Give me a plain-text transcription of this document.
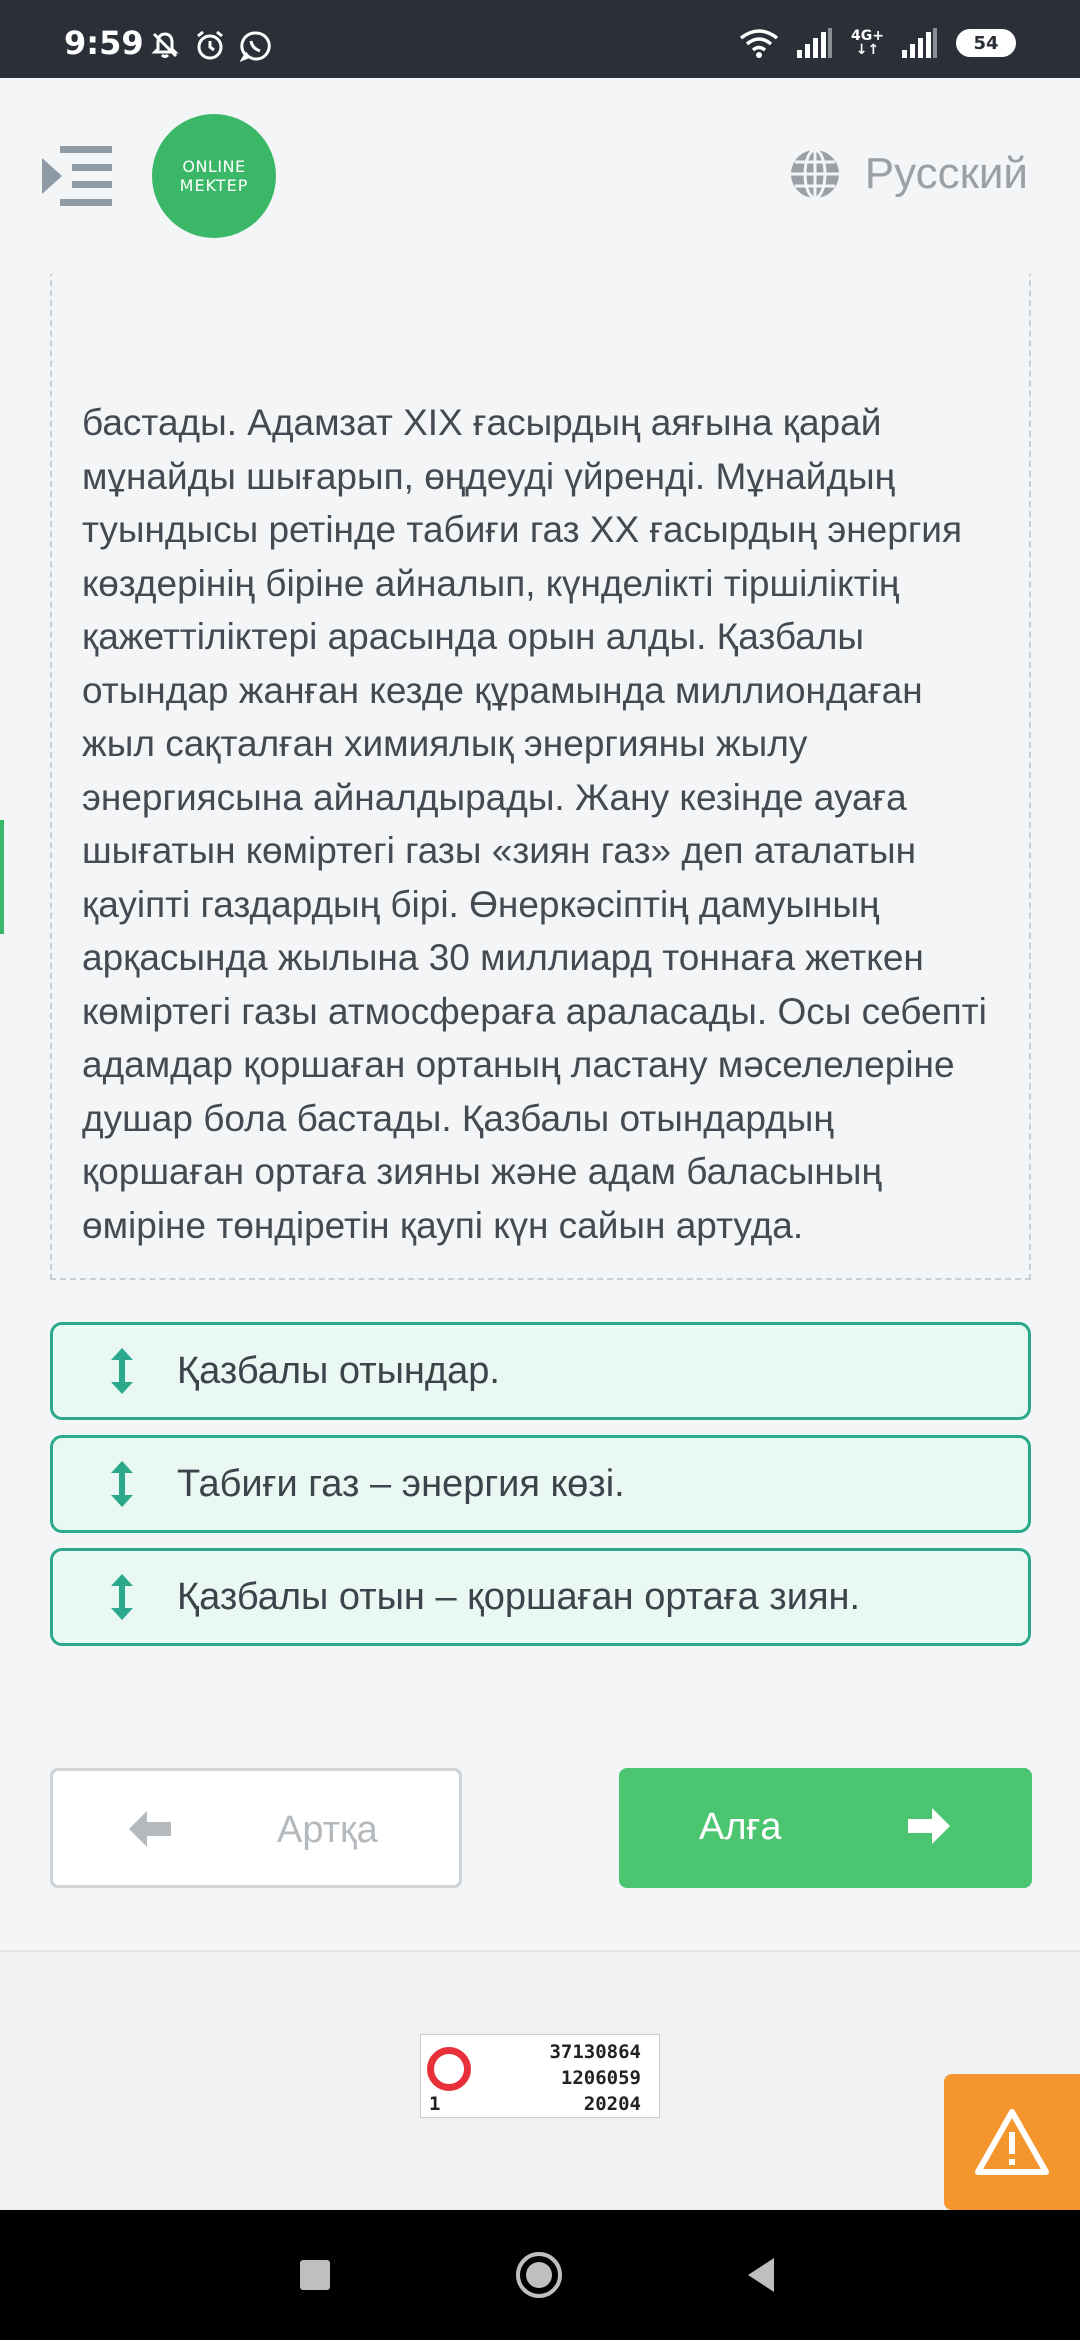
9:59	4G+
↓↑	54
ONLINE
MEKTEP	Русский

бастады. Адамзат XIX ғасырдың аяғына қарай мұнайды шығарып, өңдеуді үйренді. Мұнайдың туындысы ретінде табиғи газ XX ғасырдың энергия көздерінің біріне айналып, күнделікті тіршіліктің қажеттіліктері арасында орын алды. Қазбалы отындар жанған кезде құрамында миллиондаған жыл сақталған химиялық энергияны жылу энергиясына айналдырады. Жану кезінде ауаға шығатын көміртегі газы «зиян газ» деп аталатын қауіпті газдардың бірі. Өнеркәсіптің дамуының арқасында жылына 30 миллиард тоннаға жеткен көміртегі газы атмосфераға араласады. Осы себепті адамдар қоршаған ортаның ластану мәселелеріне душар бола бастады. Қазбалы отындардың қоршаған ортаға зияны және адам баласының өміріне төндіретін қаупі күн сайын артуда.

Қазбалы отындар.
Табиғи газ – энергия көзі.
Қазбалы отын – қоршаған ортаға зиян.
Артқа	Алға
37130864
1206059
20204
1
